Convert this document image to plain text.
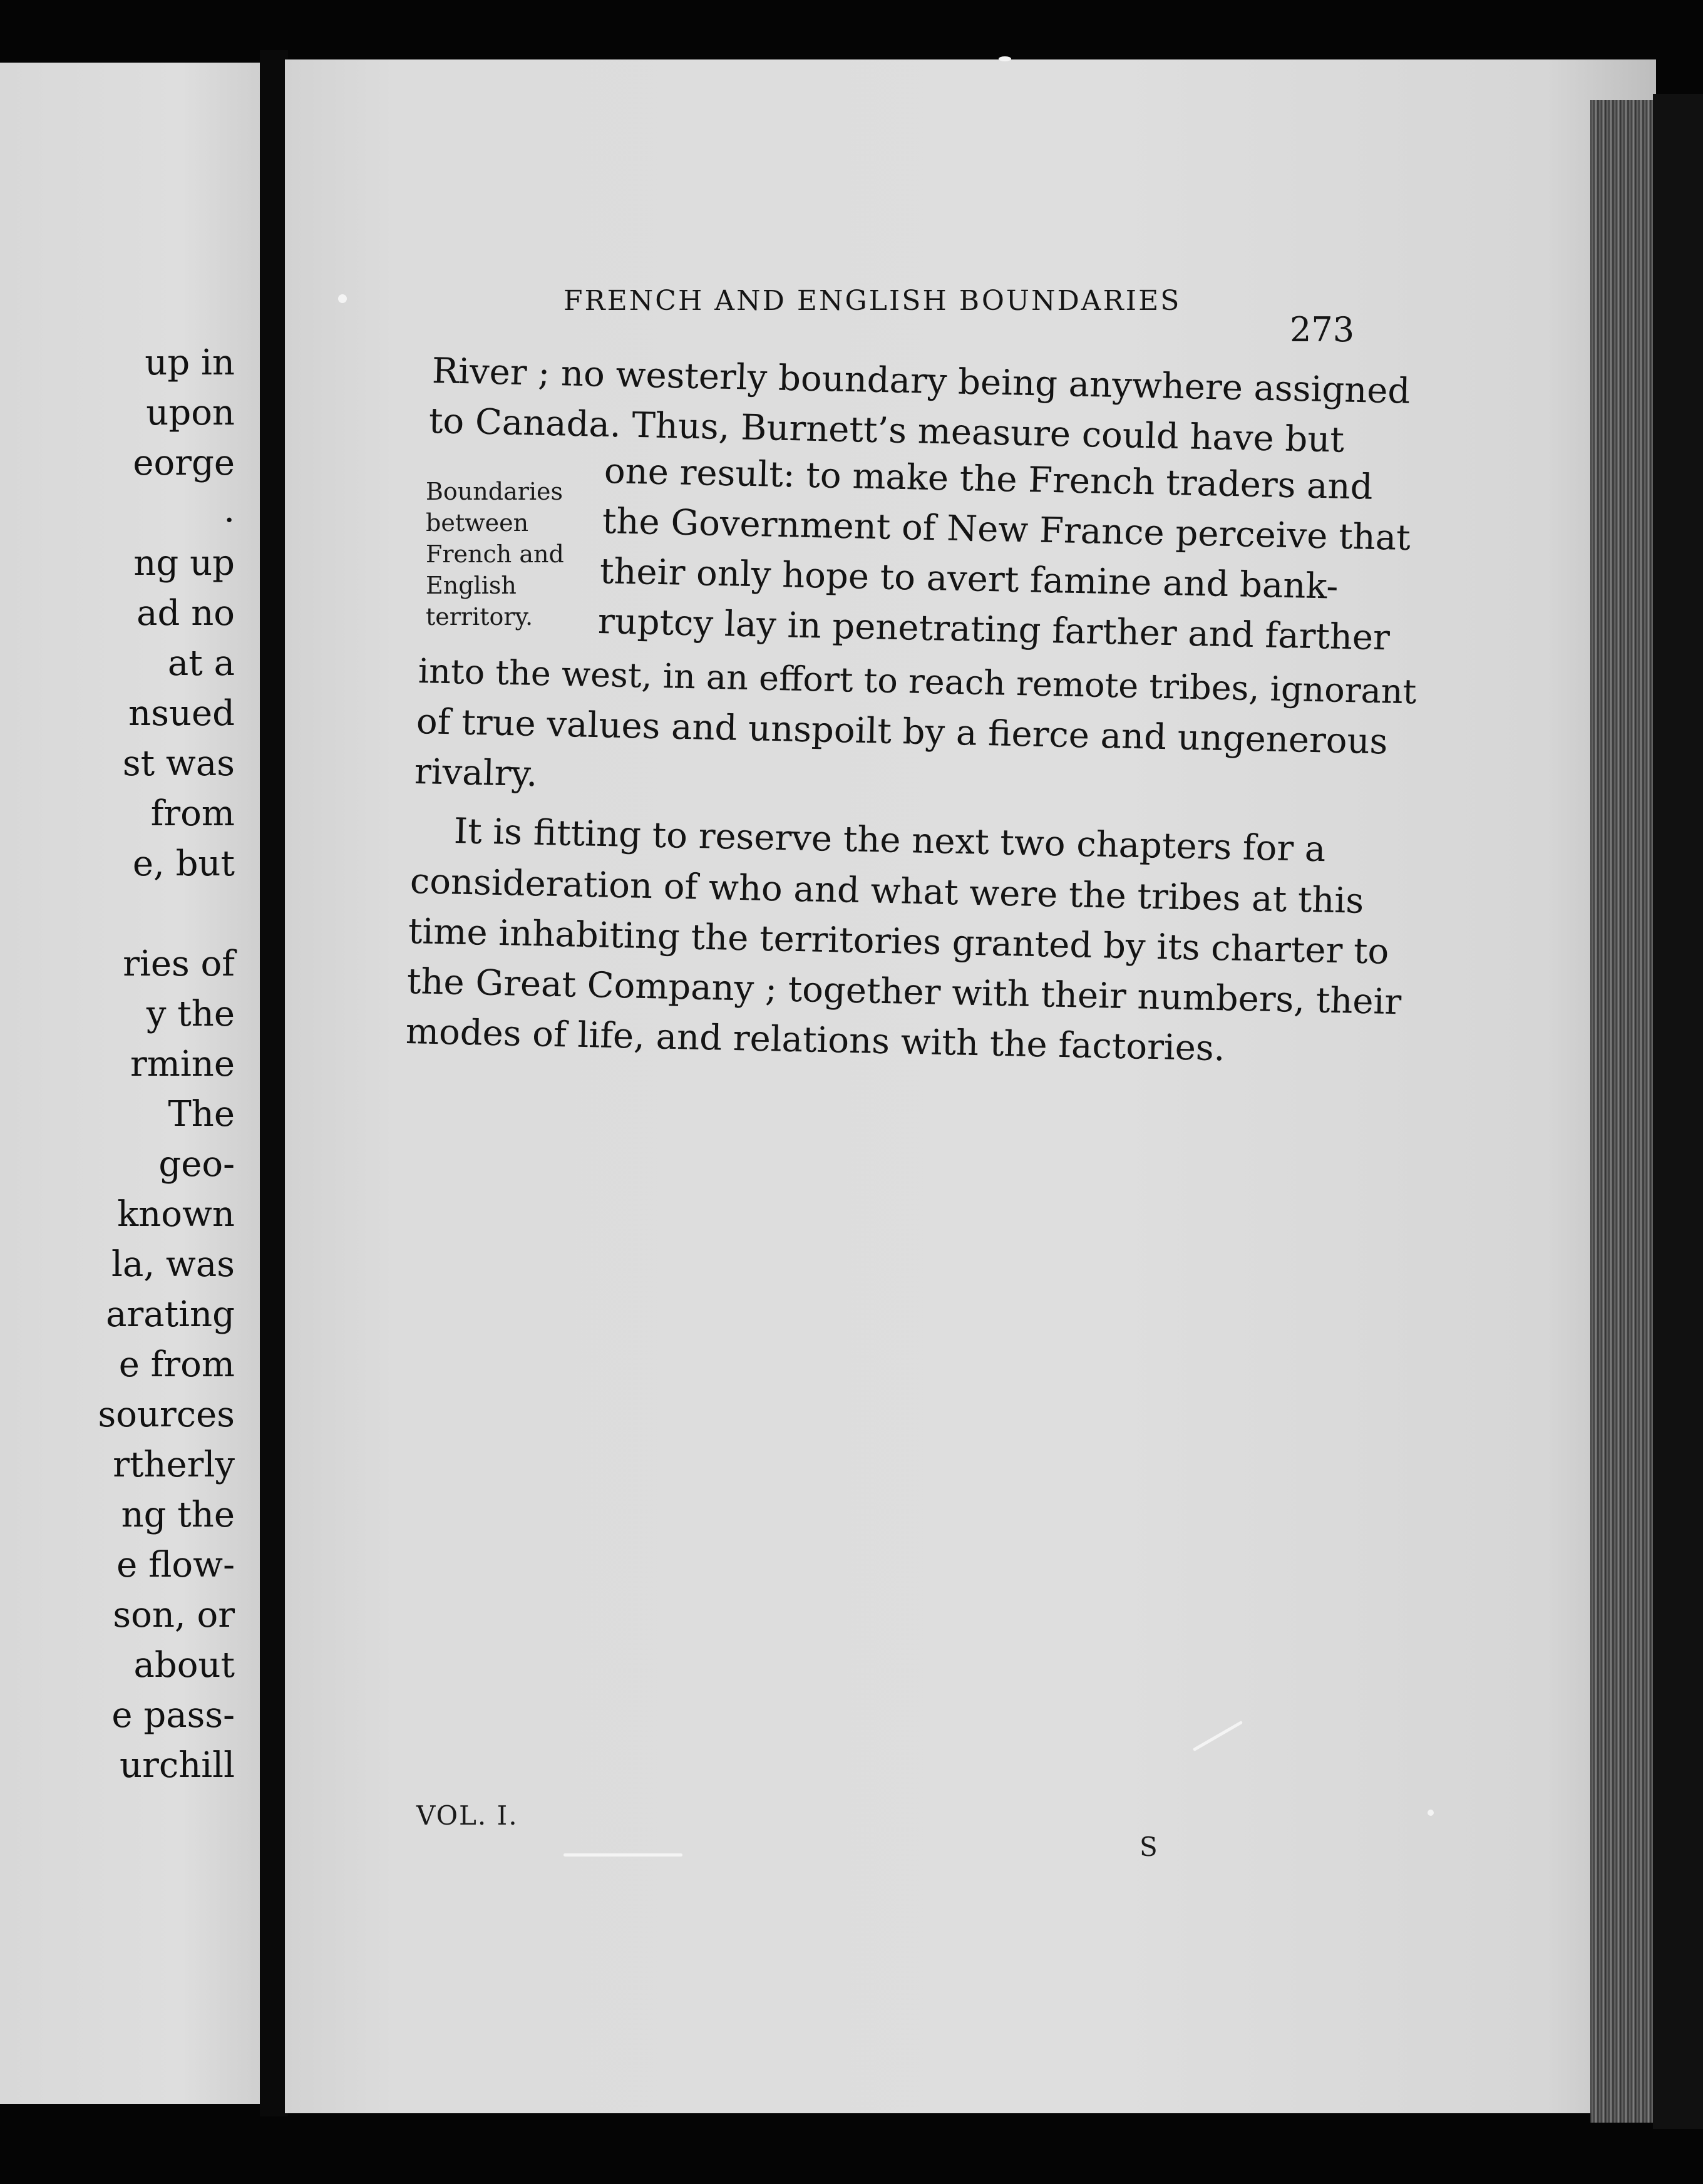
up in
upon
eorge
.
ng up
ad no
at a
nsued
st was
from
e, but
ries of
y the
rmine
The
geo-
known
la, was
arating
e from
sources
rtherly
ng the
e flow-
son, or
about
e pass-
urchill
FRENCH AND ENGLISH BOUNDARIES
273
River ; no westerly boundary being anywhere assigned
to Canada. Thus, Burnett’s measure could have but
one result: to make the French traders and
the Government of New France perceive that
their only hope to avert famine and bank-
ruptcy lay in penetrating farther and farther
into the west, in an effort to reach remote tribes, ignorant
of true values and unspoilt by a fierce and ungenerous
rivalry.
Boundaries
between
French and
English
territory.
It is fitting to reserve the next two chapters for a
consideration of who and what were the tribes at this
time inhabiting the territories granted by its charter to
the Great Company ; together with their numbers, their
modes of life, and relations with the factories.
VOL. I.
S
